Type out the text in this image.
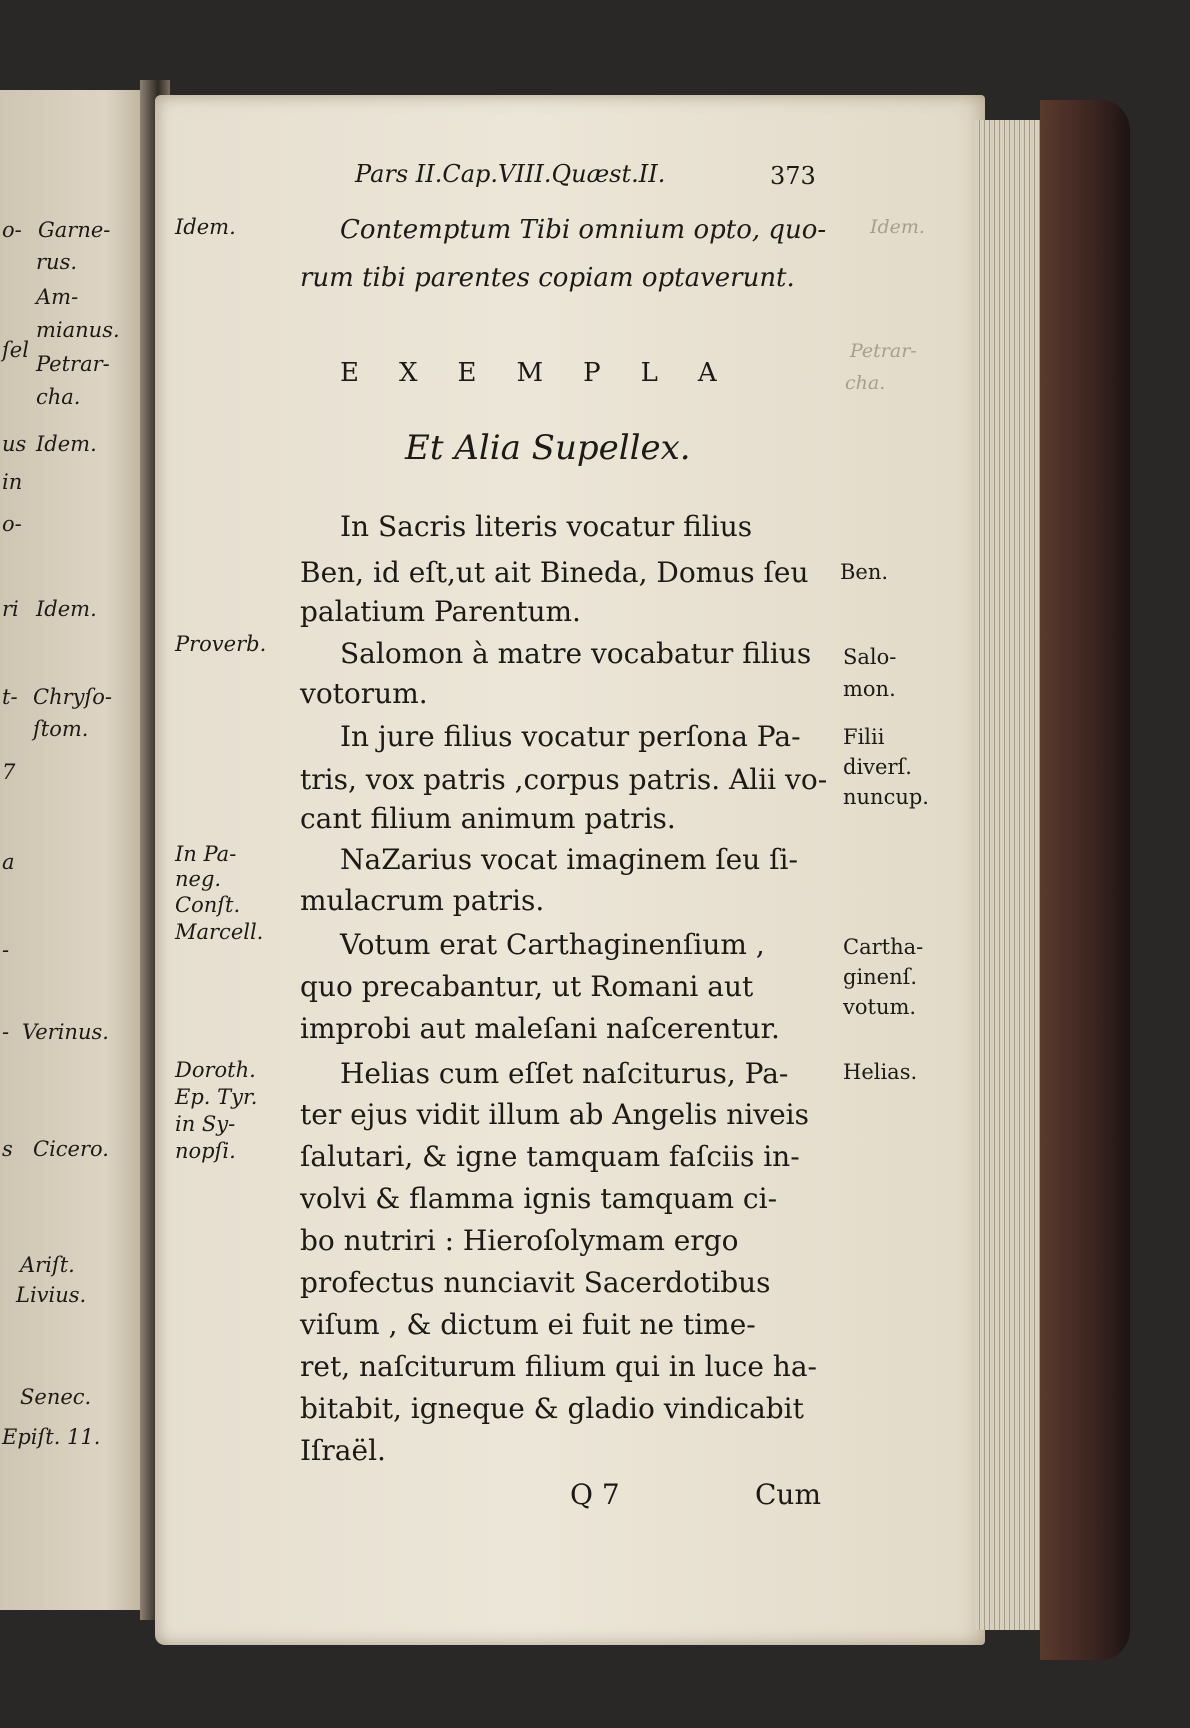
o- Garne-
rus.
Am-
mianus.
ſel
Petrar-
cha.
us Idem.
in
o-
ri Idem.
t- Chryſo-
ſtom.
7
a
-
- Verinus.
s Cicero.
Ariſt.
Livius.
Senec.
Epiſt. 11.
Idem.
Petrar-
cha.
Pars II.Cap.VIII.Quæst.II.	373
Idem.
Proverb.
In Pa-
neg.
Conſt.
Marcell.
Doroth.
Ep. Tyr.
in Sy-
nopſi.
Contemptum Tibi omnium opto, quo-
rum tibi parentes copiam optaverunt.
EXEMPLA
Et Alia Supellex.
In Sacris literis vocatur filius
Ben, id eſt,ut ait Bineda, Domus ſeu
palatium Parentum.
Salomon à matre vocabatur filius
votorum.
In jure filius vocatur perſona Pa-
tris, vox patris ,corpus patris. Alii vo-
cant filium animum patris.
NaZarius vocat imaginem ſeu ſi-
mulacrum patris.
Votum erat Carthaginenſium ,
quo precabantur, ut Romani aut
improbi aut maleſani naſcerentur.
Helias cum eſſet naſciturus, Pa-
ter ejus vidit illum ab Angelis niveis
ſalutari, & igne tamquam faſciis in-
volvi & flamma ignis tamquam ci-
bo nutriri : Hieroſolymam ergo
profectus nunciavit Sacerdotibus
viſum , & dictum ei fuit ne time-
ret, naſciturum filium qui in luce ha-
bitabit, igneque & gladio vindicabit
Iſraël.
Ben.
Salo-
mon.
Filii
diverſ.
nuncup.
Cartha-
ginenſ.
votum.
Helias.
Q 7	Cum
